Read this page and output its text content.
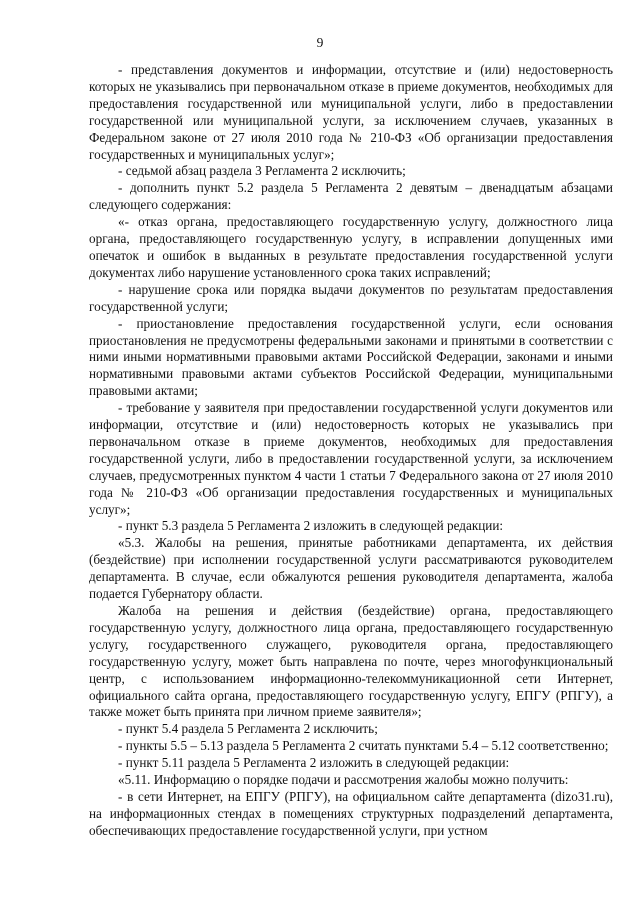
9

- представления документов и информации, отсутствие и (или) недостоверность которых не указывались при первоначальном отказе в приеме документов, необходимых для предоставления государственной или муниципальной услуги, либо в предоставлении государственной или муниципальной услуги, за исключением случаев, указанных в Федеральном законе от 27 июля 2010 года № 210-ФЗ «Об организации предоставления государственных и муниципальных услуг»;

- седьмой абзац раздела 3 Регламента 2 исключить;

- дополнить пункт 5.2 раздела 5 Регламента 2 девятым – двенадцатым абзацами следующего содержания:

«- отказ органа, предоставляющего государственную услугу, должностного лица органа, предоставляющего государственную услугу, в исправлении допущенных ими опечаток и ошибок в выданных в результате предоставления государственной услуги документах либо нарушение установленного срока таких исправлений;

- нарушение срока или порядка выдачи документов по результатам предоставления государственной услуги;

- приостановление предоставления государственной услуги, если основания приостановления не предусмотрены федеральными законами и принятыми в соответствии с ними иными нормативными правовыми актами Российской Федерации, законами и иными нормативными правовыми актами субъектов Российской Федерации, муниципальными правовыми актами;

- требование у заявителя при предоставлении государственной услуги документов или информации, отсутствие и (или) недостоверность которых не указывались при первоначальном отказе в приеме документов, необходимых для предоставления государственной услуги, либо в предоставлении государственной услуги, за исключением случаев, предусмотренных пунктом 4 части 1 статьи 7 Федерального закона от 27 июля 2010 года № 210-ФЗ «Об организации предоставления государственных и муниципальных услуг»;

- пункт 5.3 раздела 5 Регламента 2 изложить в следующей редакции:

«5.3. Жалобы на решения, принятые работниками департамента, их действия (бездействие) при исполнении государственной услуги рассматриваются руководителем департамента. В случае, если обжалуются решения руководителя департамента, жалоба подается Губернатору области.

Жалоба на решения и действия (бездействие) органа, предоставляющего государственную услугу, должностного лица органа, предоставляющего государственную услугу, государственного служащего, руководителя органа, предоставляющего государственную услугу, может быть направлена по почте, через многофункциональный центр, с использованием информационно-телекоммуникационной сети Интернет, официального сайта органа, предоставляющего государственную услугу, ЕПГУ (РПГУ), а также может быть принята при личном приеме заявителя»;

- пункт 5.4 раздела 5 Регламента 2 исключить;

- пункты 5.5 – 5.13 раздела 5 Регламента 2 считать пунктами 5.4 – 5.12 соответственно;

- пункт 5.11 раздела 5 Регламента 2 изложить в следующей редакции:

«5.11. Информацию о порядке подачи и рассмотрения жалобы можно получить:

- в сети Интернет, на ЕПГУ (РПГУ), на официальном сайте департамента (dizo31.ru), на информационных стендах в помещениях структурных подразделений департамента, обеспечивающих предоставление государственной услуги, при устном
